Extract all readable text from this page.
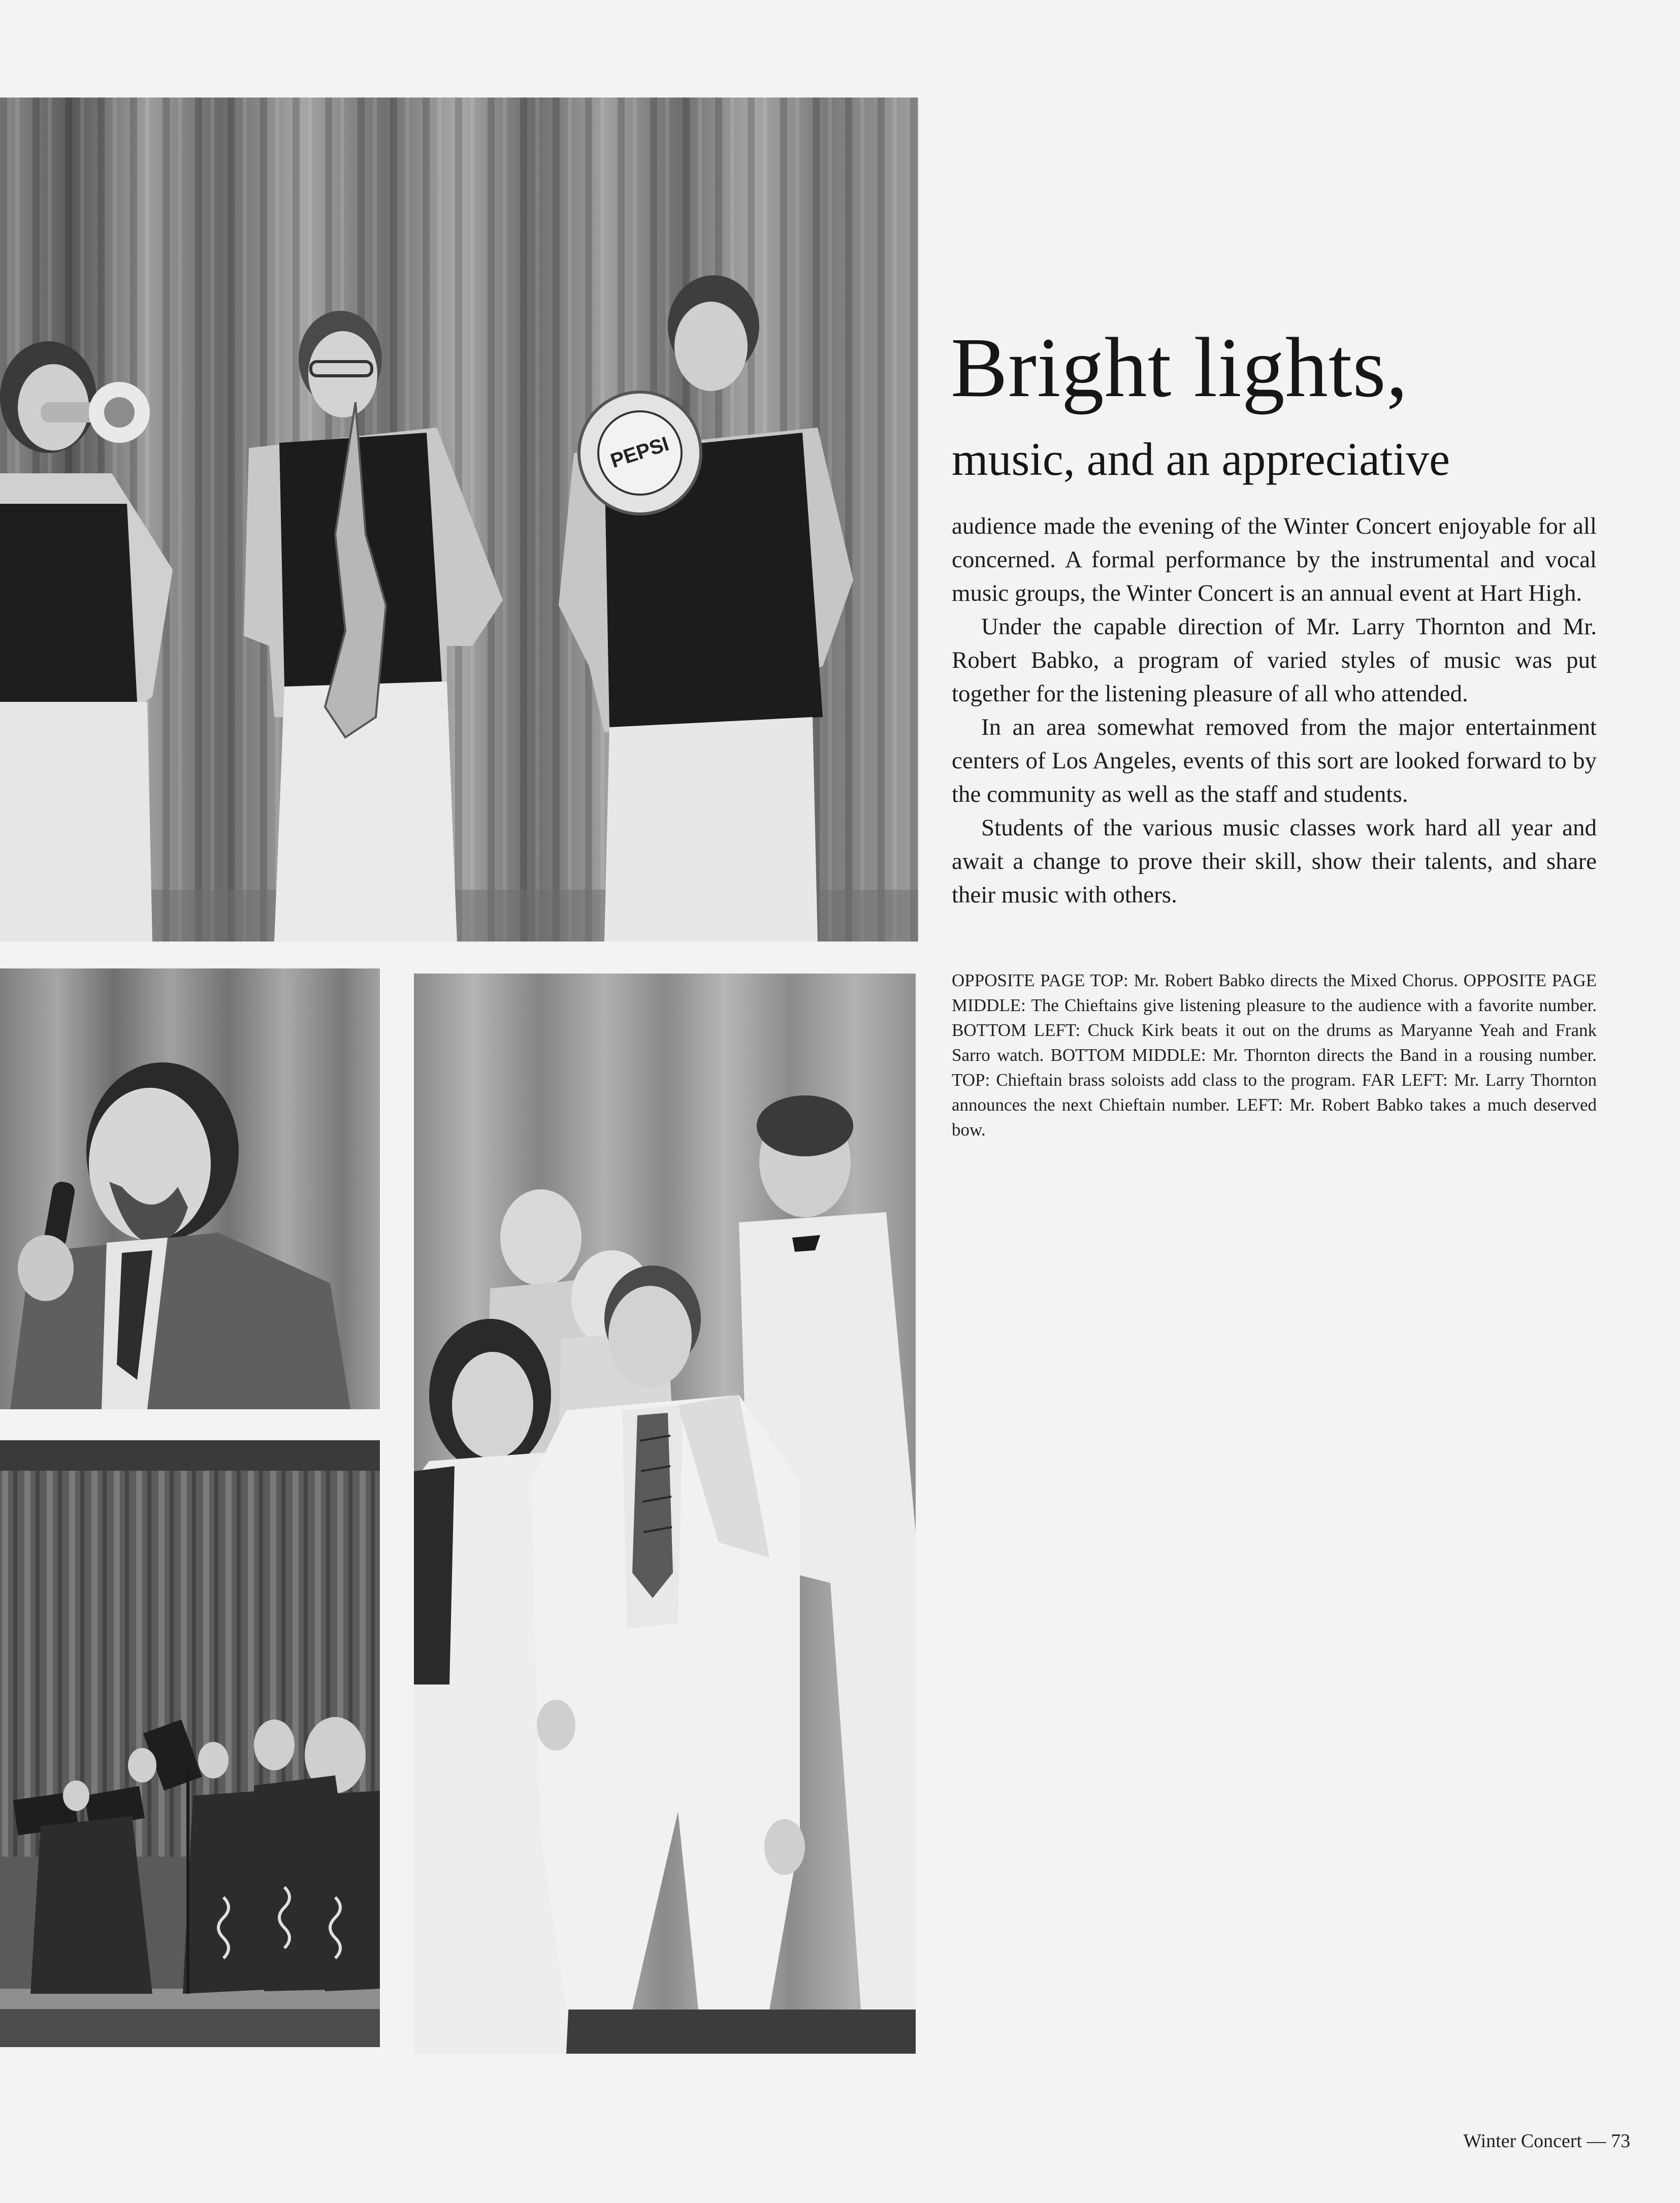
PEPSI
Bright lights,
music, and an appreciative

audience made the evening of the Winter Concert enjoyable for all concerned. A formal performance by the instrumental and vocal music groups, the Winter Concert is an annual event at Hart High.

Under the capable direction of Mr. Larry Thornton and Mr. Robert Babko, a program of varied styles of music was put together for the listening pleasure of all who attended.

In an area somewhat removed from the major entertainment centers of Los Angeles, events of this sort are looked forward to by the community as well as the staff and students.

Students of the various music classes work hard all year and await a change to prove their skill, show their talents, and share their music with others.

OPPOSITE PAGE TOP: Mr. Robert Babko directs the Mixed Chorus. OPPOSITE PAGE MIDDLE: The Chieftains give listening pleasure to the audience with a favorite number. BOTTOM LEFT: Chuck Kirk beats it out on the drums as Maryanne Yeah and Frank Sarro watch. BOTTOM MIDDLE: Mr. Thornton directs the Band in a rousing number. TOP: Chieftain brass soloists add class to the program. FAR LEFT: Mr. Larry Thornton announces the next Chieftain number. LEFT: Mr. Robert Babko takes a much deserved bow.

Winter Concert — 73
